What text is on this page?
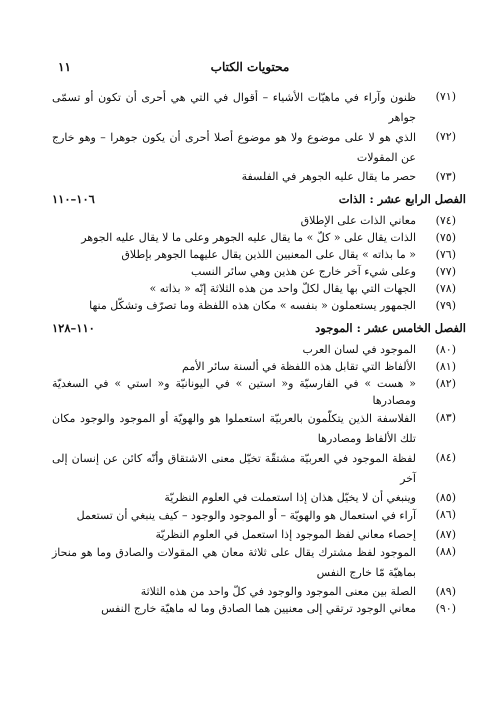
محتويات الكتاب
١١
(٧١)
ظنون وآراء في ماهيّات الأشياء – أقوال في التي هي أحرى أن تكون أو تسمّى جواهر
(٧٢)
الذي هو لا على موضوع ولا هو موضوع أصلا أحرى أن يكون جوهرا – وهو خارج عن المقولات
(٧٣)
حصر ما يقال عليه الجوهر في الفلسفة
الفصل الرابع عشر : الذات
١٠٦–١١٠
(٧٤)
معاني الذات على الإطلاق
(٧٥)
الذات يقال على « كلّ » ما يقال عليه الجوهر وعلى ما لا يقال عليه الجوهر
(٧٦)
« ما بذاته » يقال على المعنيين اللذين يقال عليهما الجوهر بإطلاق
(٧٧)
وعلى شيء آخر خارج عن هذين وهي سائر النسب
(٧٨)
الجهات التي بها يقال لكلّ واحد من هذه الثلاثة إنّه « بذاته »
(٧٩)
الجمهور يستعملون « بنفسه » مكان هذه اللفظة وما تصرّف وتشكّل منها
الفصل الخامس عشر : الموجود
١١٠–١٢٨
(٨٠)
الموجود في لسان العرب
(٨١)
الألفاظ التي تقابل هذه اللفظة في ألسنة سائر الأمم
(٨٢)
« هست » في الفارسيّة و« استين » في اليونانيّة و« استي » في السغديّة ومصادرها
(٨٣)
الفلاسفة الذين يتكلّمون بالعربيّة استعملوا هو والهويّة أو الموجود والوجود مكان تلك الألفاظ ومصادرها
(٨٤)
لفظة الموجود في العربيّة مشتقّة تخيّل معنى الاشتقاق وأنّه كائن عن إنسان إلى آخر
(٨٥)
وينبغي أن لا يخيّل هذان إذا استعملت في العلوم النظريّة
(٨٦)
آراء في استعمال هو والهويّة – أو الموجود والوجود – كيف ينبغي أن تستعمل
(٨٧)
إحصاء معاني لفظ الموجود إذا استعمل في العلوم النظريّة
(٨٨)
الموجود لفظ مشترك يقال على ثلاثة معان هي المقولات والصادق وما هو منحاز بماهيّة مّا خارج النفس
(٨٩)
الصلة بين معنى الموجود والوجود في كلّ واحد من هذه الثلاثة
(٩٠)
معاني الوجود ترتقي إلى معنيين هما الصادق وما له ماهيّة خارج النفس
